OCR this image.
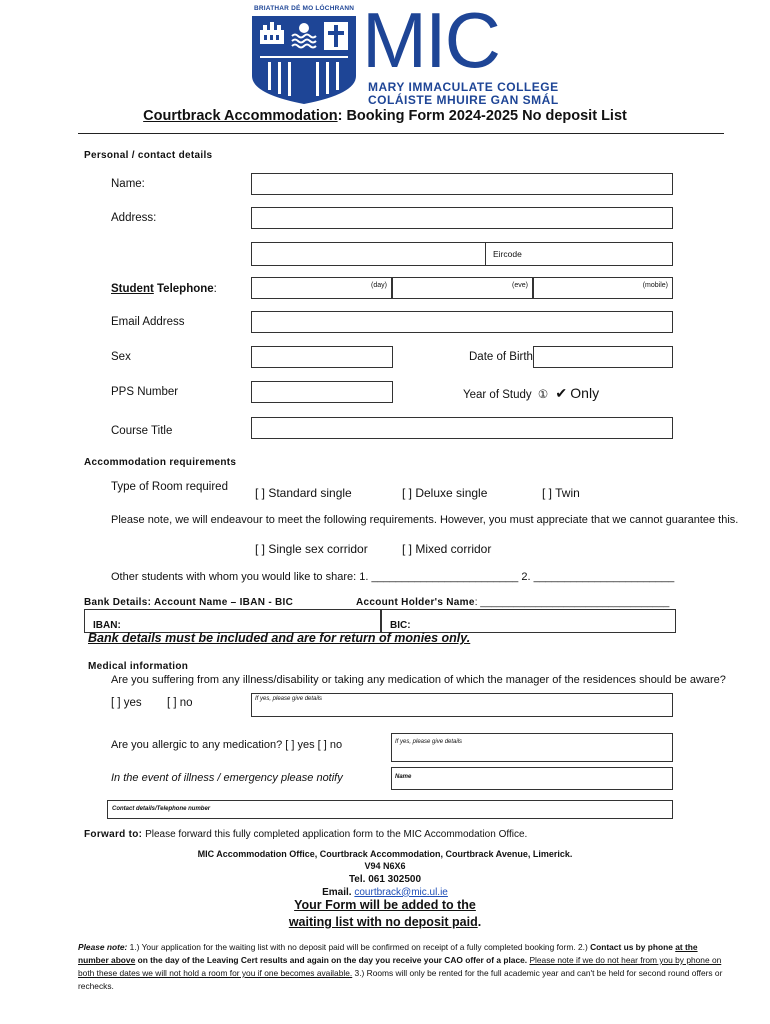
BRIATHAR DÉ MO LÓCHRANN MIC
MARY IMMACULATE COLLEGE
COLÁISTE MHUIRE GAN SMÁL
Courtbrack Accommodation: Booking Form 2024-2025 No deposit List
Personal / contact details
Name:
Address:
Eircode
Student Telephone:	(day)	(eve)	(mobile)
Email Address
Sex	Date of Birth
PPS Number	Year of Study ① ✔ Only
Course Title
Accommodation requirements
Type of Room required [ ] Standard single	[ ] Deluxe single	[ ] Twin
Please note, we will endeavour to meet the following requirements. However, you must appreciate that we cannot guarantee this.
[ ] Single sex corridor	[ ] Mixed corridor
Other students with whom you would like to share: 1. ________________________ 2. _______________________
Bank Details: Account Name – IBAN - BIC	Account Holder's Name: __________________________________
IBAN:	BIC:
Bank details must be included and are for return of monies only.
Medical information
Are you suffering from any illness/disability or taking any medication of which the manager of the residences should be aware?
[ ] yes [ ] no	If yes, please give details
Are you allergic to any medication? [ ] yes [ ] no	If yes, please give details
In the event of illness / emergency please notify	Name
Contact details/Telephone number
Forward to: Please forward this fully completed application form to the MIC Accommodation Office.
MIC Accommodation Office, Courtbrack Accommodation, Courtbrack Avenue, Limerick.
V94 N6X6
Tel. 061 302500
Email. courtbrack@mic.ul.ie
Your Form will be added to the
waiting list with no deposit paid.
Please note: 1.) Your application for the waiting list with no deposit paid will be confirmed on receipt of a fully completed booking form. 2.) Contact us by phone at the number above on the day of the Leaving Cert results and again on the day you receive your CAO offer of a place. Please note if we do not hear from you by phone on both these dates we will not hold a room for you if one becomes available. 3.) Rooms will only be rented for the full academic year and can't be held for second round offers or rechecks.
